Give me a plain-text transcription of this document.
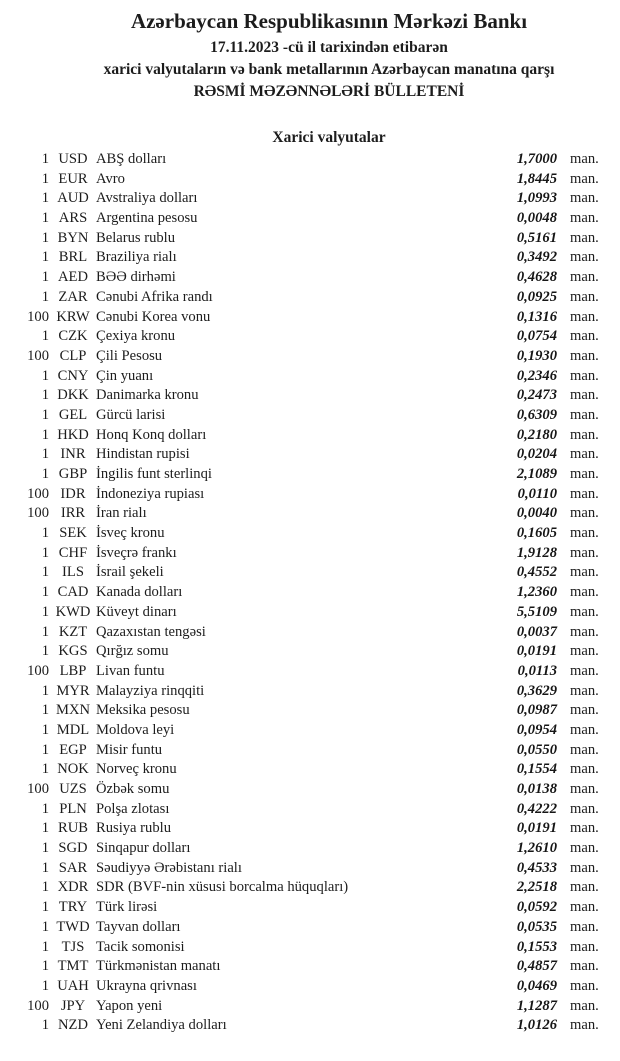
Azərbaycan Respublikasının Mərkəzi Bankı
17.11.2023 -cü il tarixindən etibarən
xarici valyutaların və bank metallarının Azərbaycan manatına qarşı
RƏSMİ MƏZƏNNƏLƏRİ BÜLLETENİ
Xarici valyutalar
1 USD ABŞ dolları	1,7000 man.
1 EUR Avro	1,8445 man.
1 AUD Avstraliya dolları	1,0993 man.
1 ARS Argentina pesosu	0,0048 man.
1 BYN Belarus rublu	0,5161 man.
1 BRL Braziliya rialı	0,3492 man.
1 AED BƏƏ dirhəmi	0,4628 man.
1 ZAR Cənubi Afrika randı	0,0925 man.
100 KRW Cənubi Korea vonu	0,1316 man.
1 CZK Çexiya kronu	0,0754 man.
100 CLP Çili Pesosu	0,1930 man.
1 CNY Çin yuanı	0,2346 man.
1 DKK Danimarka kronu	0,2473 man.
1 GEL Gürcü larisi	0,6309 man.
1 HKD Honq Konq dolları	0,2180 man.
1 INR Hindistan rupisi	0,0204 man.
1 GBP İngilis funt sterlinqi	2,1089 man.
100 IDR İndoneziya rupiası	0,0110 man.
100 IRR İran rialı	0,0040 man.
1 SEK İsveç kronu	0,1605 man.
1 CHF İsveçrə frankı	1,9128 man.
1 ILS İsrail şekeli	0,4552 man.
1 CAD Kanada dolları	1,2360 man.
1 KWD Küveyt dinarı	5,5109 man.
1 KZT Qazaxıstan tengəsi	0,0037 man.
1 KGS Qırğız somu	0,0191 man.
100 LBP Livan funtu	0,0113 man.
1 MYR Malayziya rinqqiti	0,3629 man.
1 MXN Meksika pesosu	0,0987 man.
1 MDL Moldova leyi	0,0954 man.
1 EGP Misir funtu	0,0550 man.
1 NOK Norveç kronu	0,1554 man.
100 UZS Özbək somu	0,0138 man.
1 PLN Polşa zlotası	0,4222 man.
1 RUB Rusiya rublu	0,0191 man.
1 SGD Sinqapur dolları	1,2610 man.
1 SAR Səudiyyə Ərəbistanı rialı	0,4533 man.
1 XDR SDR (BVF-nin xüsusi borcalma hüquqları)	2,2518 man.
1 TRY Türk lirəsi	0,0592 man.
1 TWD Tayvan dolları	0,0535 man.
1 TJS Tacik somonisi	0,1553 man.
1 TMT Türkmənistan manatı	0,4857 man.
1 UAH Ukrayna qrivnası	0,0469 man.
100 JPY Yapon yeni	1,1287 man.
1 NZD Yeni Zelandiya dolları	1,0126 man.
